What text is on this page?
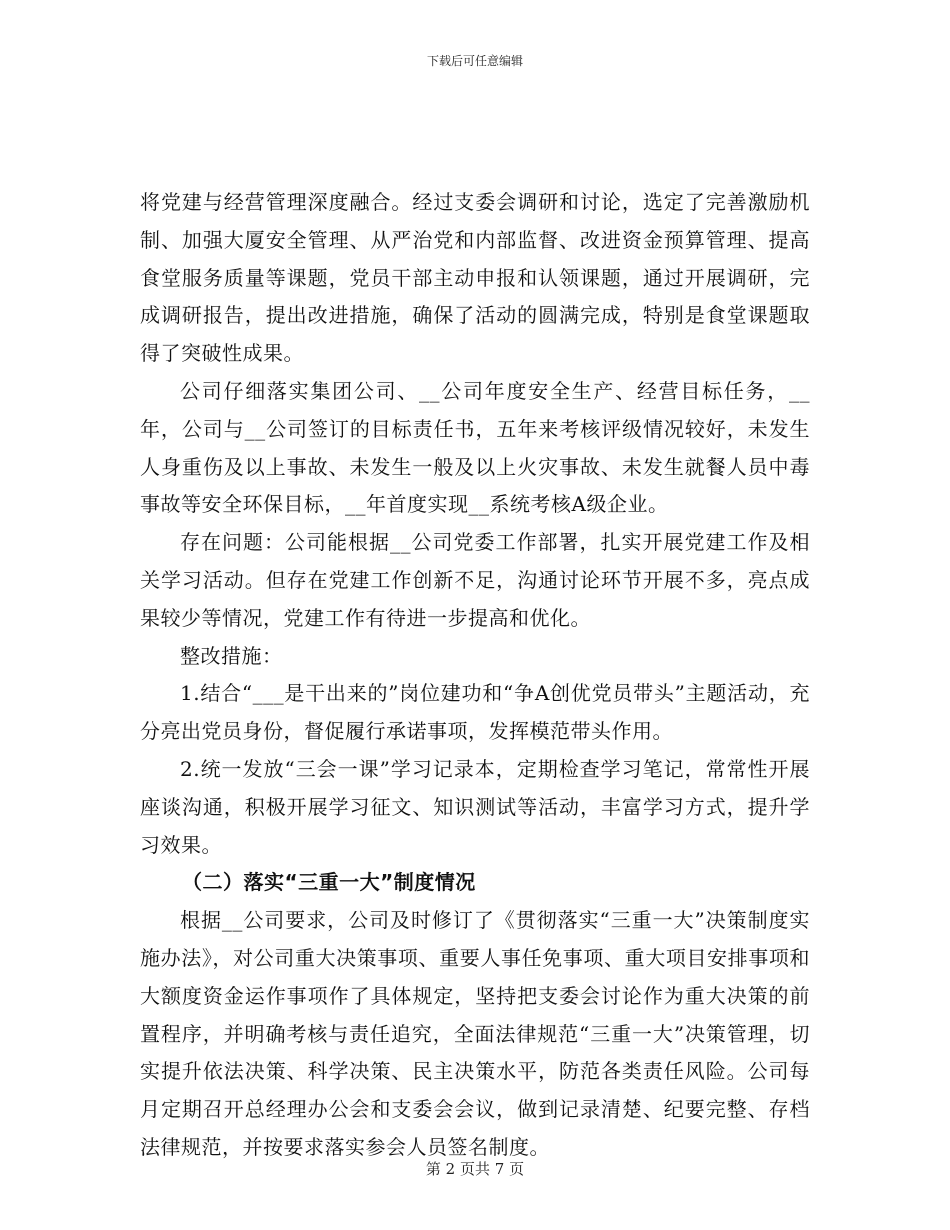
下载后可任意编辑

将党建与经营管理深度融合。经过支委会调研和讨论，选定了完善激励机制、加强大厦安全管理、从严治党和内部监督、改进资金预算管理、提高食堂服务质量等课题，党员干部主动申报和认领课题，通过开展调研，完成调研报告，提出改进措施，确保了活动的圆满完成，特别是食堂课题取得了突破性成果。

公司仔细落实集团公司、__公司年度安全生产、经营目标任务，__年，公司与__公司签订的目标责任书，五年来考核评级情况较好，未发生人身重伤及以上事故、未发生一般及以上火灾事故、未发生就餐人员中毒事故等安全环保目标，__年首度实现__系统考核A级企业。

存在问题：公司能根据__公司党委工作部署，扎实开展党建工作及相关学习活动。但存在党建工作创新不足，沟通讨论环节开展不多，亮点成果较少等情况，党建工作有待进一步提高和优化。

整改措施：

1.结合“___是干出来的”岗位建功和“争A创优党员带头”主题活动，充分亮出党员身份，督促履行承诺事项，发挥模范带头作用。

2.统一发放“三会一课”学习记录本，定期检查学习笔记，常常性开展座谈沟通，积极开展学习征文、知识测试等活动，丰富学习方式，提升学习效果。

（二）落实“三重一大”制度情况

根据__公司要求，公司及时修订了《贯彻落实“三重一大”决策制度实施办法》，对公司重大决策事项、重要人事任免事项、重大项目安排事项和大额度资金运作事项作了具体规定，坚持把支委会讨论作为重大决策的前置程序，并明确考核与责任追究，全面法律规范“三重一大”决策管理，切实提升依法决策、科学决策、民主决策水平，防范各类责任风险。公司每月定期召开总经理办公会和支委会会议，做到记录清楚、纪要完整、存档法律规范，并按要求落实参会人员签名制度。

第 2 页共 7 页
